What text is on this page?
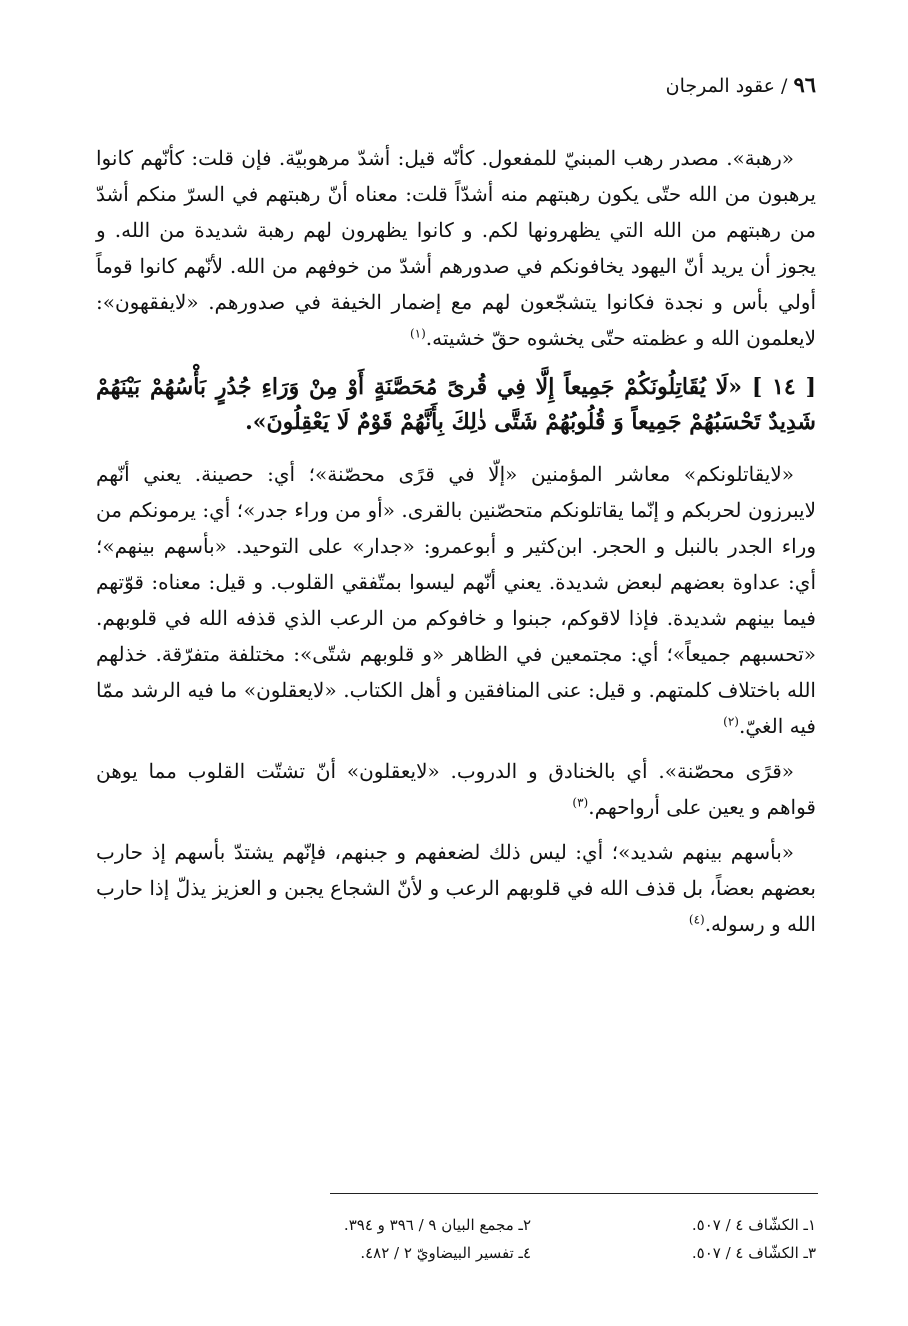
٩٦ / عقود المرجان

«رهبة». مصدر رهب المبنيّ للمفعول. كأنّه قيل: أشدّ مرهوبيّة. فإن قلت: كأنّهم كانوا يرهبون من الله حتّى يكون رهبتهم منه أشدّاً قلت: معناه أنّ رهبتهم في السرّ منكم أشدّ من رهبتهم من الله التي يظهرونها لكم. و كانوا يظهرون لهم رهبة شديدة من الله. و يجوز أن يريد أنّ اليهود يخافونكم في صدورهم أشدّ من خوفهم من الله. لأنّهم كانوا قوماً أولي بأس و نجدة فكانوا يتشجّعون لهم مع إضمار الخيفة في صدورهم. «لايفقهون»: لايعلمون الله و عظمته حتّى يخشوه حقّ خشيته.$^{(١)}$

[ ١٤ ] «لَا يُقَاتِلُونَكُمْ جَمِيعاً إِلَّا فِي قُرىً مُحَصَّنَةٍ أَوْ مِنْ وَرَاءِ جُدُرٍ بَأْسُهُمْ بَيْنَهُمْ شَدِيدٌ تَحْسَبُهُمْ جَمِيعاً وَ قُلُوبُهُمْ شَتَّى ذٰلِكَ بِأَنَّهُمْ قَوْمٌ لَا يَعْقِلُونَ».

«لايقاتلونكم» معاشر المؤمنين «إلّا في قرًى محصّنة»؛ أي: حصينة. يعني أنّهم لايبرزون لحربكم و إنّما يقاتلونكم متحصّنين بالقرى. «أو من وراء جدر»؛ أي: يرمونكم من وراء الجدر بالنبل و الحجر. ابن‌كثير و أبوعمرو: «جدار» على التوحيد. «بأسهم بينهم»؛ أي: عداوة بعضهم لبعض شديدة. يعني أنّهم ليسوا بمتّفقي القلوب. و قيل: معناه: قوّتهم فيما بينهم شديدة. فإذا لاقوكم، جبنوا و خافوكم من الرعب الذي قذفه الله في قلوبهم. «تحسبهم جميعاً»؛ أي: مجتمعين في الظاهر «و قلوبهم شتّى»: مختلفة متفرّقة. خذلهم الله باختلاف كلمتهم. و قيل: عنى المنافقين و أهل الكتاب. «لايعقلون» ما فيه الرشد ممّا فيه الغيّ.$^{(٢)}$

«قرًى محصّنة». أي بالخنادق و الدروب. «لايعقلون» أنّ تشتّت القلوب مما يوهن قواهم و يعين على أرواحهم.$^{(٣)}$

«بأسهم بينهم شديد»؛ أي: ليس ذلك لضعفهم و جبنهم، فإنّهم يشتدّ بأسهم إذ حارب بعضهم بعضاً، بل قذف الله في قلوبهم الرعب و لأنّ الشجاع يجبن و العزيز يذلّ إذا حارب الله و رسوله.$^{(٤)}$

١ـ الكشّاف ٤ / ٥٠٧.
٢ـ مجمع البيان ٩ / ٣٩٦ و ٣٩٤.
٣ـ الكشّاف ٤ / ٥٠٧.
٤ـ تفسير البيضاويّ ٢ / ٤٨٢.
